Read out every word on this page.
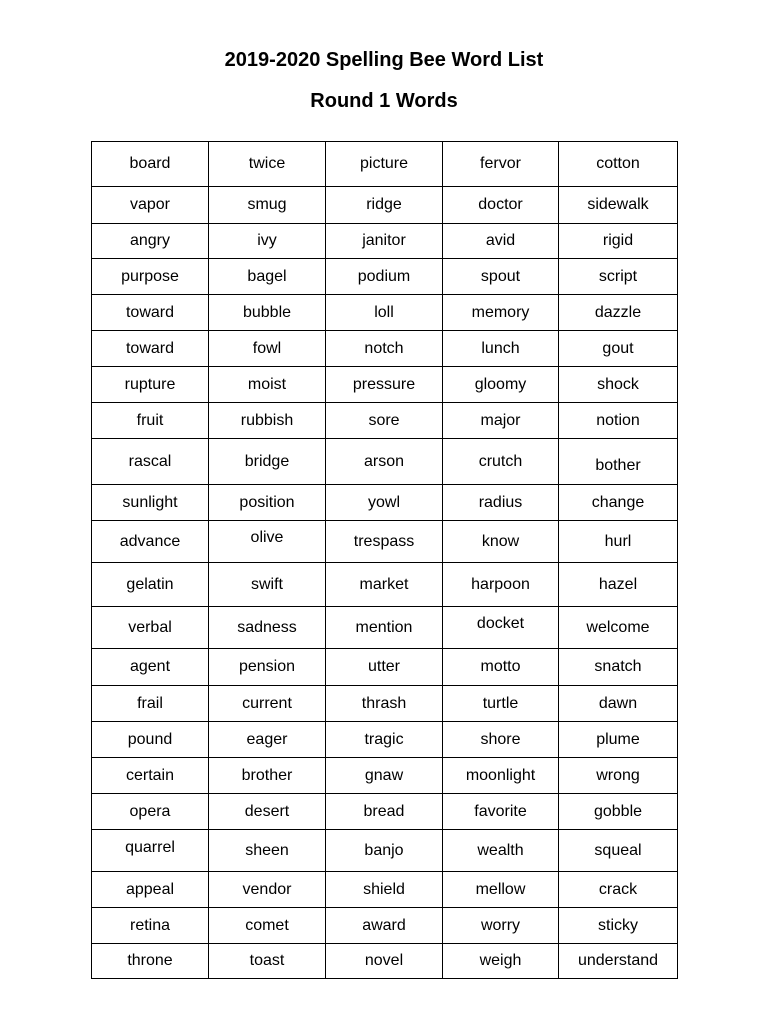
2019-2020 Spelling Bee Word List
Round 1 Words
board	twice	picture	fervor	cotton
vapor	smug	ridge	doctor	sidewalk
angry	ivy	janitor	avid	rigid
purpose	bagel	podium	spout	script
toward	bubble	loll	memory	dazzle
toward	fowl	notch	lunch	gout
rupture	moist	pressure	gloomy	shock
fruit	rubbish	sore	major	notion
rascal	bridge	arson	crutch	bother
sunlight	position	yowl	radius	change
advance	olive	trespass	know	hurl
gelatin	swift	market	harpoon	hazel
verbal	sadness	mention	docket	welcome
agent	pension	utter	motto	snatch
frail	current	thrash	turtle	dawn
pound	eager	tragic	shore	plume
certain	brother	gnaw	moonlight	wrong
opera	desert	bread	favorite	gobble
quarrel	sheen	banjo	wealth	squeal
appeal	vendor	shield	mellow	crack
retina	comet	award	worry	sticky
throne	toast	novel	weigh	understand
